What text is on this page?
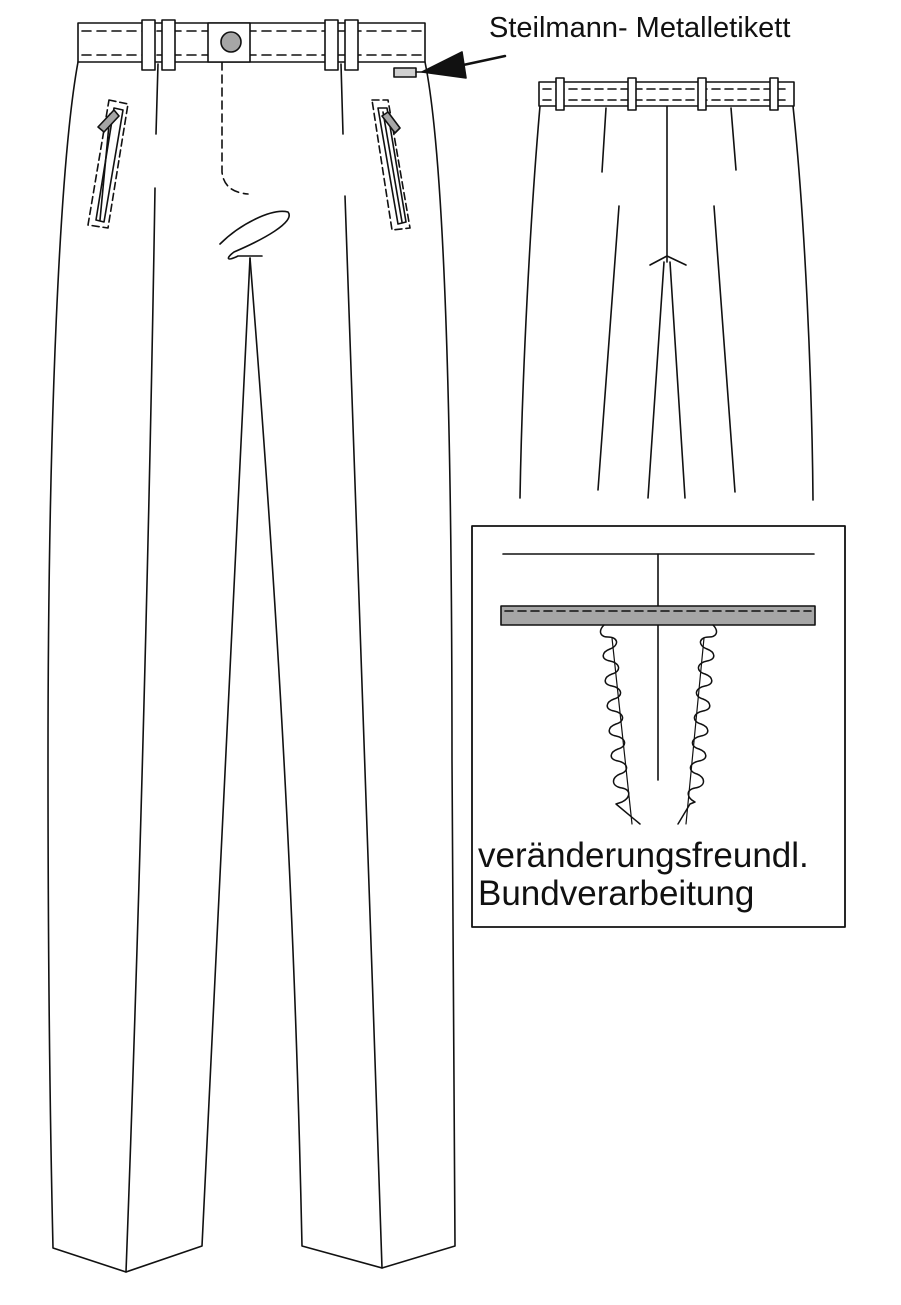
Steilmann- Metalletikett
veränderungsfreundl.
Bundverarbeitung
